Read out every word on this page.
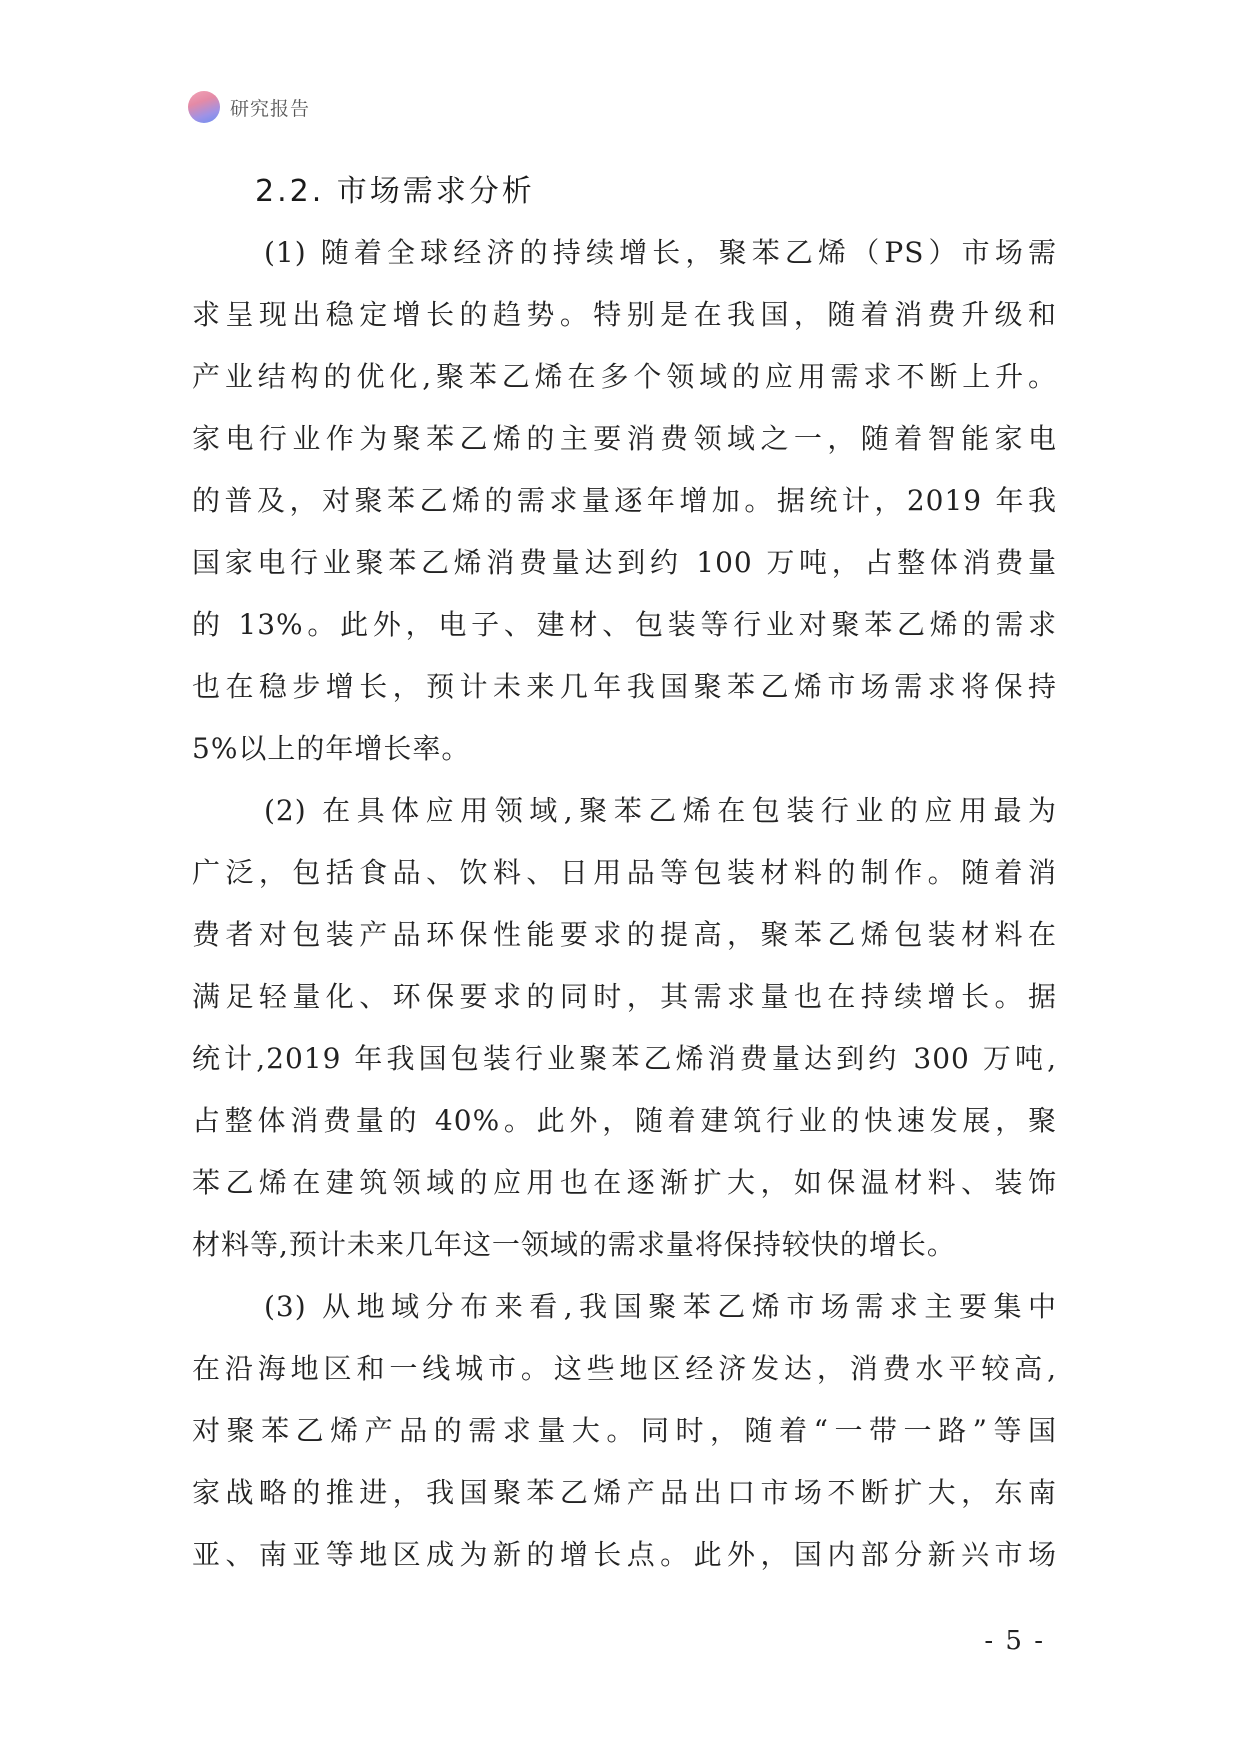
研究报告
2.2. 市场需求分析
(1) 随着全球经济的持续增长，聚苯乙烯（PS）市场需
求呈现出稳定增长的趋势。特别是在我国，随着消费升级和
产业结构的优化,聚苯乙烯在多个领域的应用需求不断上升。
家电行业作为聚苯乙烯的主要消费领域之一，随着智能家电
的普及，对聚苯乙烯的需求量逐年增加。据统计，2019 年我
国家电行业聚苯乙烯消费量达到约 100 万吨，占整体消费量
的 13%。此外，电子、建材、包装等行业对聚苯乙烯的需求
也在稳步增长，预计未来几年我国聚苯乙烯市场需求将保持
5%以上的年增长率。
(2) 在具体应用领域,聚苯乙烯在包装行业的应用最为
广泛，包括食品、饮料、日用品等包装材料的制作。随着消
费者对包装产品环保性能要求的提高，聚苯乙烯包装材料在
满足轻量化、环保要求的同时，其需求量也在持续增长。据
统计,2019 年我国包装行业聚苯乙烯消费量达到约 300 万吨,
占整体消费量的 40%。此外，随着建筑行业的快速发展，聚
苯乙烯在建筑领域的应用也在逐渐扩大，如保温材料、装饰
材料等,预计未来几年这一领域的需求量将保持较快的增长。
(3) 从地域分布来看,我国聚苯乙烯市场需求主要集中
在沿海地区和一线城市。这些地区经济发达，消费水平较高,
对聚苯乙烯产品的需求量大。同时，随着“一带一路”等国
家战略的推进，我国聚苯乙烯产品出口市场不断扩大，东南
亚、南亚等地区成为新的增长点。此外，国内部分新兴市场
- 5 -
